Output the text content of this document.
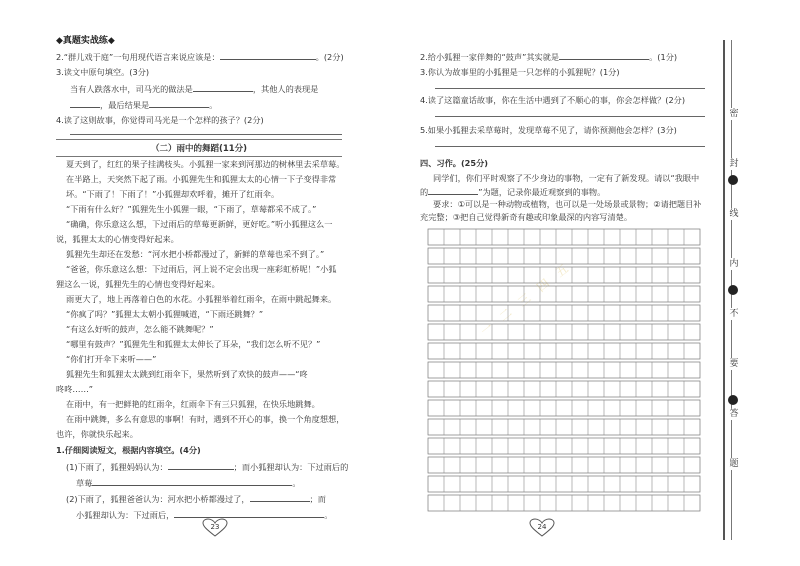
◆真题实战练◆
2.“群儿戏于庭”一句用现代语言来说应该是：	。(2分)
3.读文中原句填空。(3分)
当有人跌落水中，司马光的做法是	，其他人的表现是
，最后结果是	。
4.读了这则故事，你觉得司马光是一个怎样的孩子？(2分)
（二）雨中的舞蹈(11分)
夏天到了，红红的果子挂满枝头。小狐狸一家来到河那边的树林里去采草莓。
在半路上，天突然下起了雨。小狐狸先生和狐狸太太的心情一下子变得非常
坏。“下雨了！下雨了！”小狐狸却欢呼着，摊开了红雨伞。
“下雨有什么好？”狐狸先生小狐狸一眼，“下雨了，草莓都采不成了。”
“确确，你乐意这么想，下过雨后的草莓更新鲜，更好吃。”听小狐狸这么一
说，狐狸太太的心情变得好起来。
狐狸先生却还在发愁：“河水把小桥都漫过了，新鲜的草莓也采不到了。”
“爸爸，你乐意这么想：下过雨后，河上说不定会出现一座彩虹桥呢！”小狐
狸这么一说，狐狸先生的心情也变得好起来。
雨更大了，地上再落着白色的水花。小狐狸举着红雨伞，在雨中跳起舞来。
“你疯了吗？”狐狸太太朝小狐狸喊道，“下雨还跳舞？”
“有这么好听的鼓声，怎么能不跳舞呢？”
“哪里有鼓声？”狐狸先生和狐狸太太伸长了耳朵，“我们怎么听不见？”
“你们打开伞下来听——”
狐狸先生和狐狸太太跳到红雨伞下，果然听到了欢快的鼓声——“咚
咚咚……”
在雨中，有一把鲜艳的红雨伞，红雨伞下有三只狐狸，在快乐地跳舞。
在雨中跳舞，多么有意思的事啊！有时，遇到不开心的事，换一个角度想想，
也许，你就快乐起来。
1.仔细阅读短文，根据内容填空。(4分)
(1)下雨了，狐狸妈妈认为：	；而小狐狸却认为：下过雨后的
草莓	。
(2)下雨了，狐狸爸爸认为：河水把小桥都漫过了，	；而
小狐狸却认为：下过雨后，	。
23
2.给小狐狸一家伴舞的“鼓声”其实就是	。(1分)
3.你认为故事里的小狐狸是一只怎样的小狐狸呢？(1分)
4.读了这篇童话故事，你在生活中遇到了不顺心的事，你会怎样做？(2分)
5.如果小狐狸去采草莓时，发现草莓不见了，请你预测他会怎样？(3分)
四、习作。(25分)
同学们，你们平时观察了不少身边的事物，一定有了新发现。请以“我眼中
的	”为题，记录你最近观察到的事物。
要求：①可以是一种动物或植物，也可以是一处场景或景物；②请把题目补
充完整；③把自己觉得新奇有趣或印象最深的内容写清楚。
24
一 二 三 四 五
密
封
线
内
不
要
答
题
